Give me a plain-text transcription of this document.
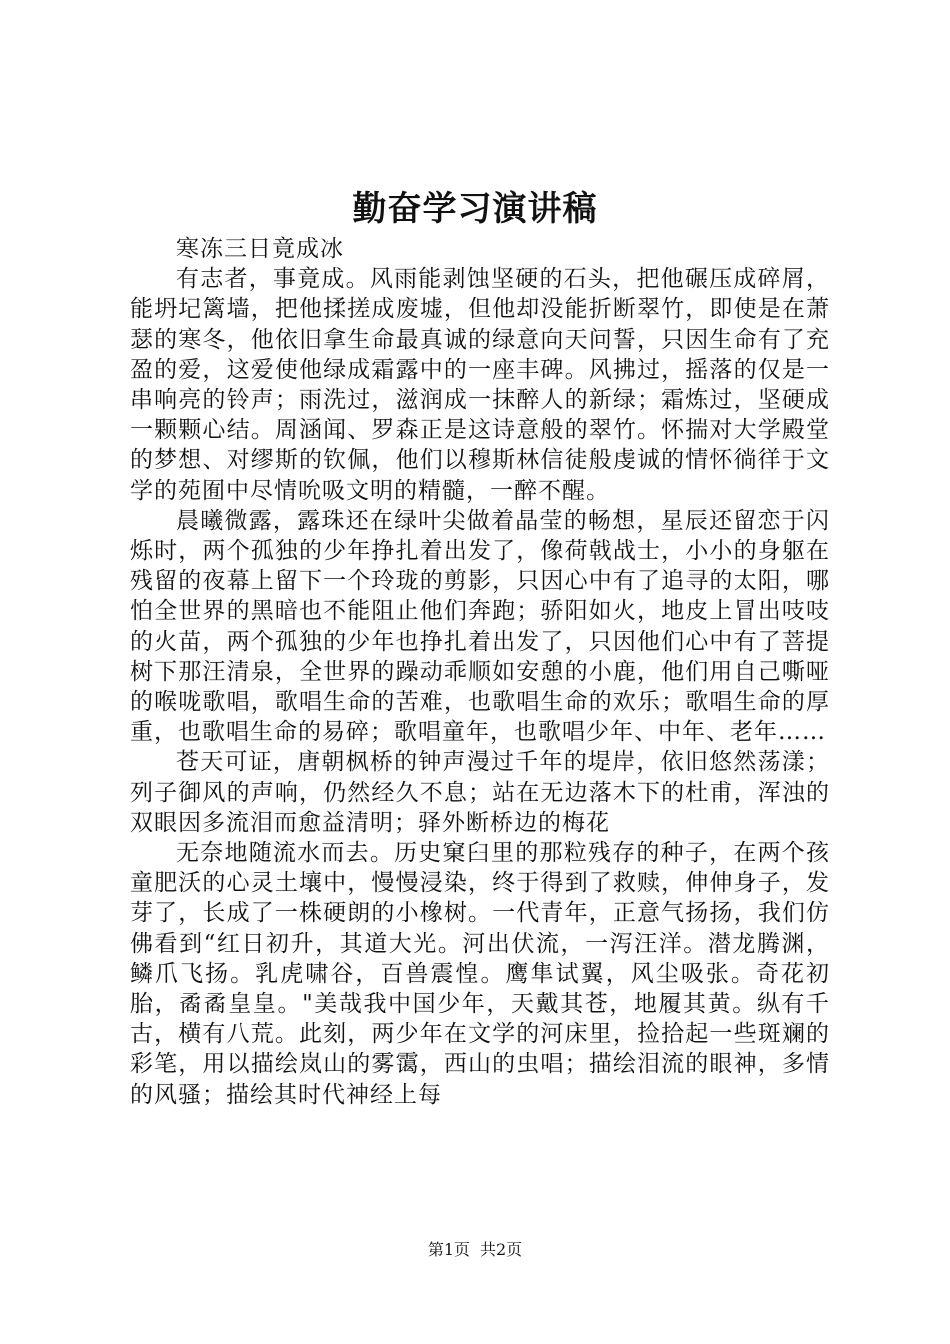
勤奋学习演讲稿

寒冻三日竟成冰

有志者，事竟成。风雨能剥蚀坚硬的石头，把他碾压成碎屑，能坍圮篱墙，把他揉搓成废墟，但他却没能折断翠竹，即使是在萧瑟的寒冬，他依旧拿生命最真诚的绿意向天问誓，只因生命有了充盈的爱，这爱使他绿成霜露中的一座丰碑。风拂过，摇落的仅是一串响亮的铃声；雨洗过，滋润成一抹醉人的新绿；霜炼过，坚硬成一颗颗心结。周涵闻、罗森正是这诗意般的翠竹。怀揣对大学殿堂的梦想、对缪斯的钦佩，他们以穆斯林信徒般虔诚的情怀徜徉于文学的苑囿中尽情吮吸文明的精髓，一醉不醒。

晨曦微露，露珠还在绿叶尖做着晶莹的畅想，星辰还留恋于闪烁时，两个孤独的少年挣扎着出发了，像荷戟战士，小小的身躯在残留的夜幕上留下一个玲珑的剪影，只因心中有了追寻的太阳，哪怕全世界的黑暗也不能阻止他们奔跑；骄阳如火，地皮上冒出吱吱的火苗，两个孤独的少年也挣扎着出发了，只因他们心中有了菩提树下那汪清泉，全世界的躁动乖顺如安憩的小鹿，他们用自己嘶哑的喉咙歌唱，歌唱生命的苦难，也歌唱生命的欢乐；歌唱生命的厚重，也歌唱生命的易碎；歌唱童年，也歌唱少年、中年、老年……

苍天可证，唐朝枫桥的钟声漫过千年的堤岸，依旧悠然荡漾；列子御风的声响，仍然经久不息；站在无边落木下的杜甫，浑浊的双眼因多流泪而愈益清明；驿外断桥边的梅花

无奈地随流水而去。历史窠臼里的那粒残存的种子，在两个孩童肥沃的心灵土壤中，慢慢浸染，终于得到了救赎，伸伸身子，发芽了，长成了一株硬朗的小橡树。一代青年，正意气扬扬，我们仿佛看到“红日初升，其道大光。河出伏流，一泻汪洋。潜龙腾渊，鳞爪飞扬。乳虎啸谷，百兽震惶。鹰隼试翼，风尘吸张。奇花初胎，矞矞皇皇。"美哉我中国少年，天戴其苍，地履其黄。纵有千古，横有八荒。此刻，两少年在文学的河床里，捡拾起一些斑斓的彩笔，用以描绘岚山的雾霭，西山的虫唱；描绘泪流的眼神，多情的风骚；描绘其时代神经上每

第1页 共2页
